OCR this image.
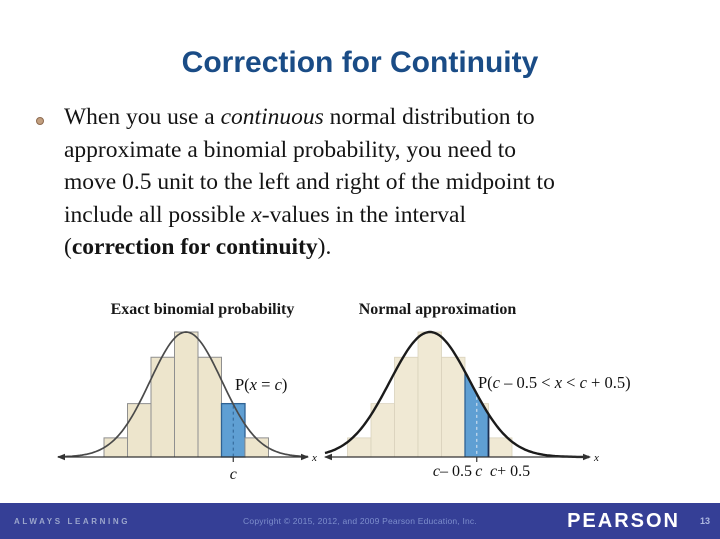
Correction for Continuity
When you use a continuous normal distribution to
approximate a binomial probability, you need to
move 0.5 unit to the left and right of the midpoint to
include all possible x-values in the interval
(correction for continuity).
Exact binomial probability	Normal approximation
P(x = c)
c
x
P(c – 0.5 < x < c + 0.5)
c– 0.5 c c+ 0.5
x
ALWAYS LEARNING	Copyright © 2015, 2012, and 2009 Pearson Education, Inc.	PEARSON 13
